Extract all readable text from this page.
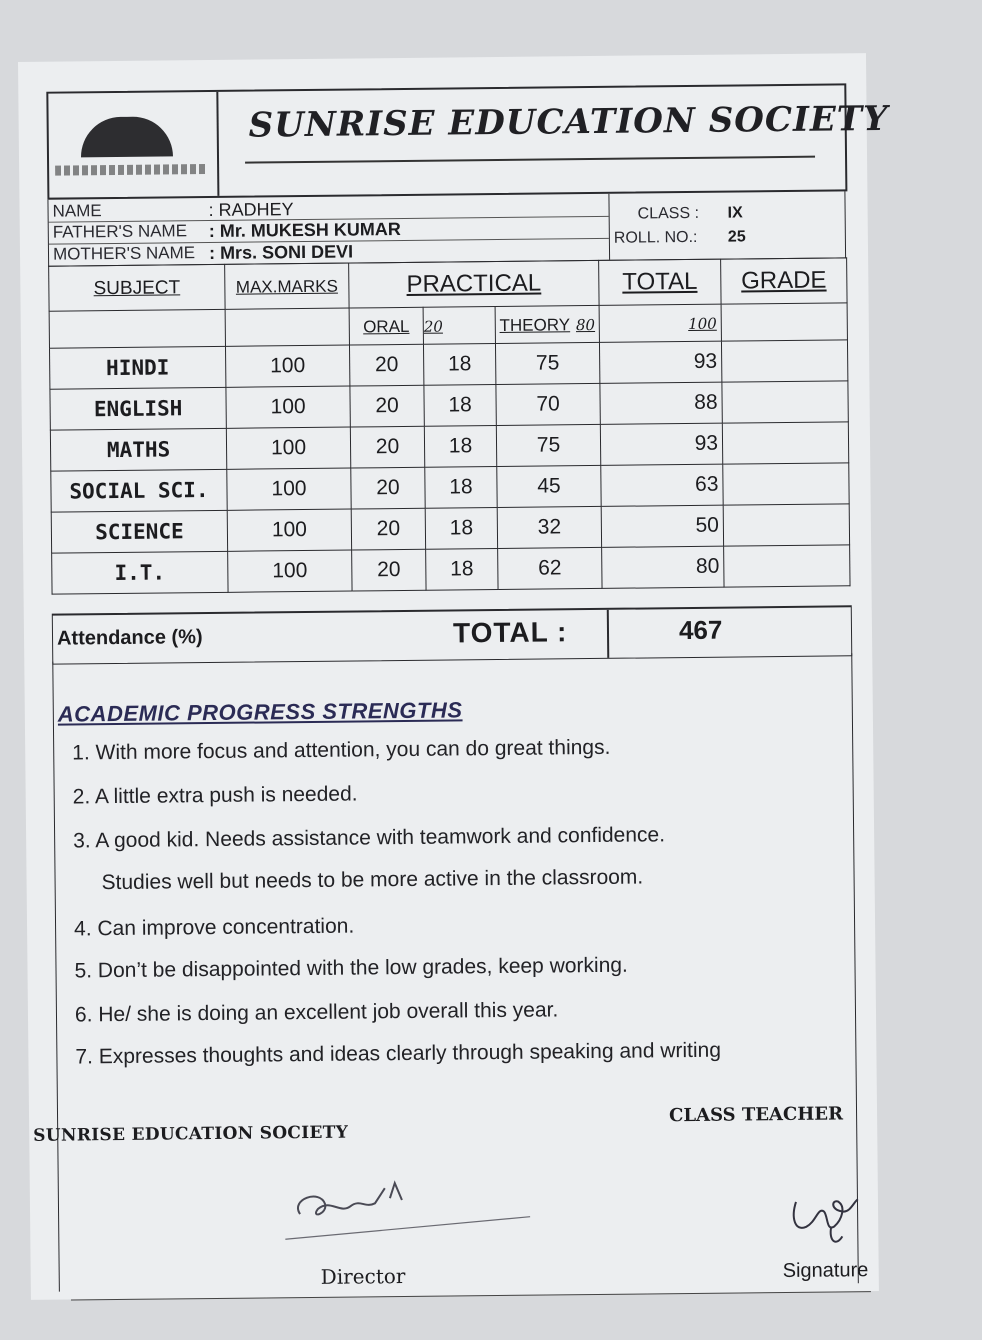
SUNRISE EDUCATION SOCIETY
NAME	: RADHEY
FATHER'S NAME : Mr. MUKESH KUMAR
MOTHER'S NAME : Mrs. SONI DEVI
CLASS : IX
ROLL. NO.: 25
SUBJECT	MAX.MARKS	PRACTICAL			TOTAL	GRADE
		ORAL	20	THEORY 80	100	
HINDI	100	20	18	75	93	
ENGLISH	100	20	18	70	88	
MATHS	100	20	18	75	93	
SOCIAL SCI.	100	20	18	45	63	
SCIENCE	100	20	18	32	50	
I.T.	100	20	18	62	80	
Attendance (%)	TOTAL :	467
ACADEMIC PROGRESS STRENGTHS
1. With more focus and attention, you can do great things.
2. A little extra push is needed.
3. A good kid. Needs assistance with teamwork and confidence.
Studies well but needs to be more active in the classroom.
4. Can improve concentration.
5. Don’t be disappointed with the low grades, keep working.
6. He/ she is doing an excellent job overall this year.
7. Expresses thoughts and ideas clearly through speaking and writing
SUNRISE EDUCATION SOCIETY
CLASS TEACHER
Director	Signature
